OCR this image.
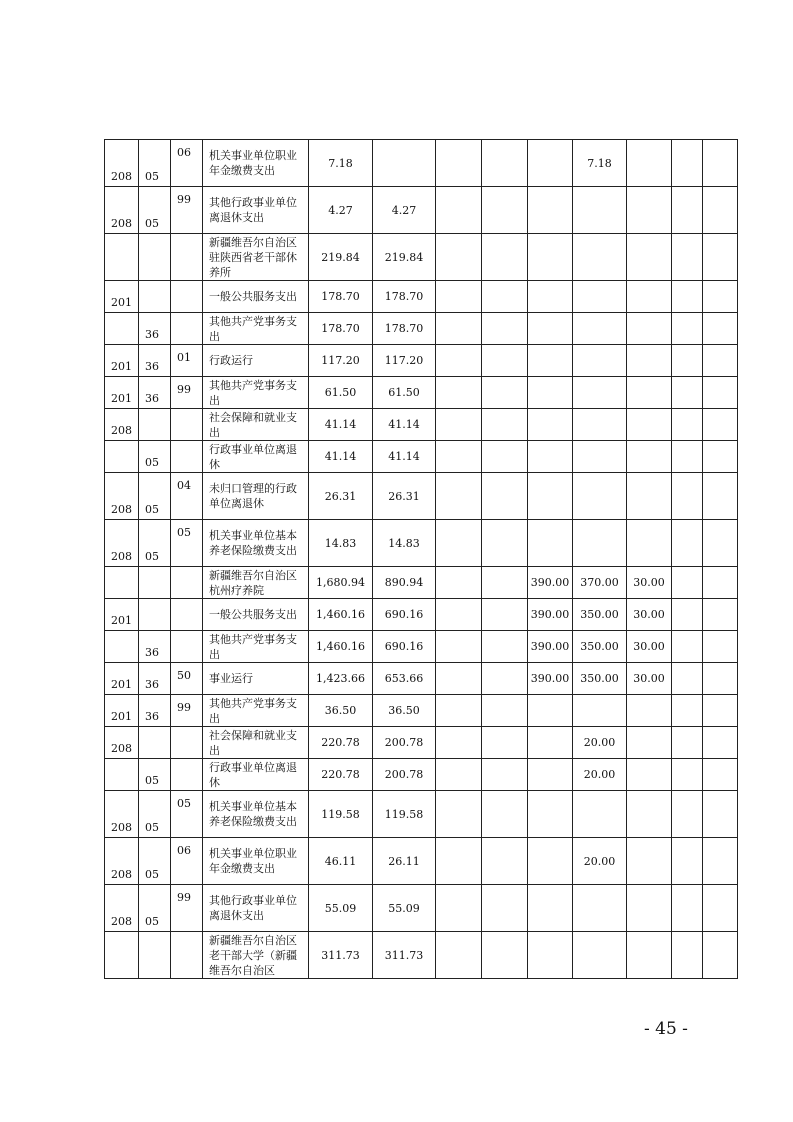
208	05	06	机关事业单位职业年金缴费支出	7.18					7.18			
208	05	99	其他行政事业单位离退休支出	4.27	4.27							
			新疆维吾尔自治区驻陕西省老干部休养所	219.84	219.84							
201			一般公共服务支出	178.70	178.70							
	36		其他共产党事务支出	178.70	178.70							
201	36	01	行政运行	117.20	117.20							
201	36	99	其他共产党事务支出	61.50	61.50							
208			社会保障和就业支出	41.14	41.14							
	05		行政事业单位离退休	41.14	41.14							
208	05	04	未归口管理的行政单位离退休	26.31	26.31							
208	05	05	机关事业单位基本养老保险缴费支出	14.83	14.83							
			新疆维吾尔自治区杭州疗养院	1,680.94	890.94			390.00	370.00	30.00		
201			一般公共服务支出	1,460.16	690.16			390.00	350.00	30.00		
	36		其他共产党事务支出	1,460.16	690.16			390.00	350.00	30.00		
201	36	50	事业运行	1,423.66	653.66			390.00	350.00	30.00		
201	36	99	其他共产党事务支出	36.50	36.50							
208			社会保障和就业支出	220.78	200.78				20.00			
	05		行政事业单位离退休	220.78	200.78				20.00			
208	05	05	机关事业单位基本养老保险缴费支出	119.58	119.58							
208	05	06	机关事业单位职业年金缴费支出	46.11	26.11				20.00			
208	05	99	其他行政事业单位离退休支出	55.09	55.09							
			新疆维吾尔自治区老干部大学（新疆维吾尔自治区	311.73	311.73							
- 45 -
